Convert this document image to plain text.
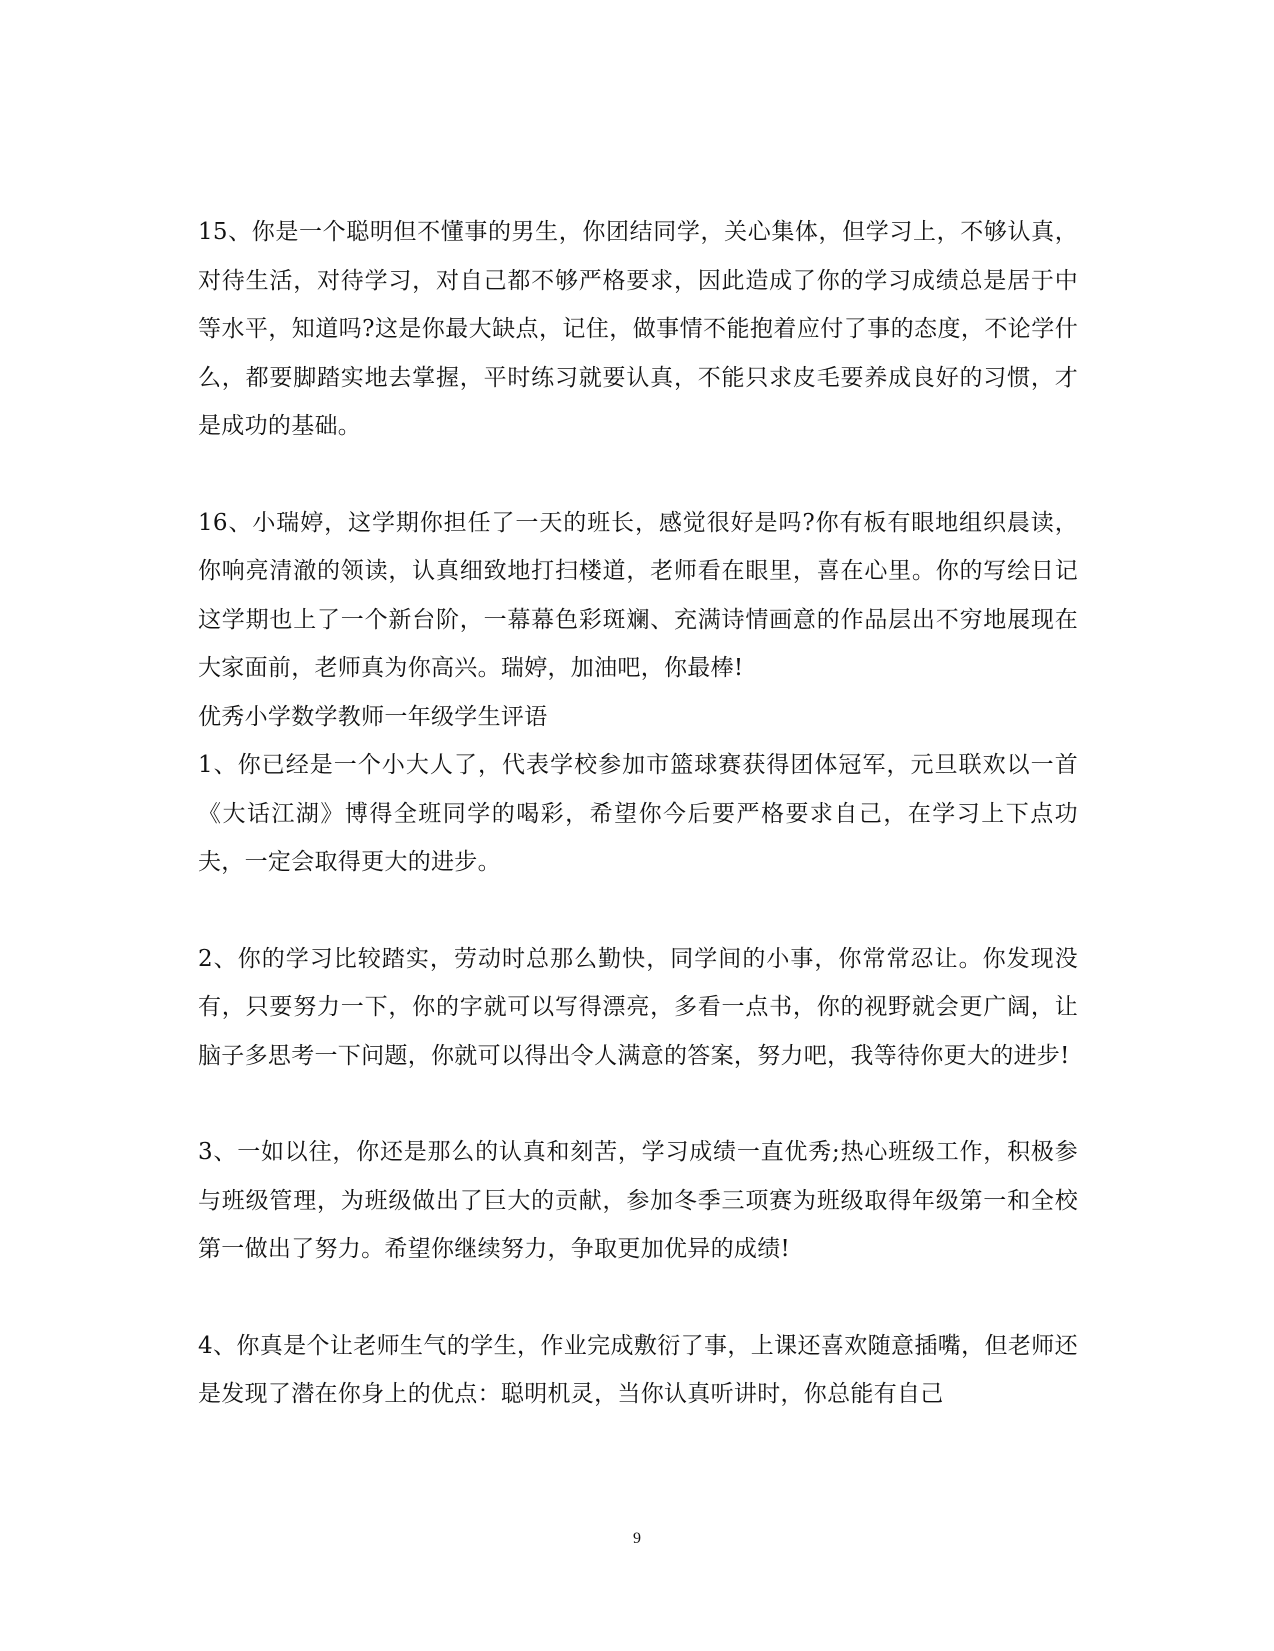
15、你是一个聪明但不懂事的男生，你团结同学，关心集体，但学习上，不够认真，对待生活，对待学习，对自己都不够严格要求，因此造成了你的学习成绩总是居于中等水平，知道吗?这是你最大缺点，记住，做事情不能抱着应付了事的态度，不论学什么，都要脚踏实地去掌握，平时练习就要认真，不能只求皮毛要养成良好的习惯，才是成功的基础。

16、小瑞婷，这学期你担任了一天的班长，感觉很好是吗?你有板有眼地组织晨读，你响亮清澈的领读，认真细致地打扫楼道，老师看在眼里，喜在心里。你的写绘日记这学期也上了一个新台阶，一幕幕色彩斑斓、充满诗情画意的作品层出不穷地展现在大家面前，老师真为你高兴。瑞婷，加油吧，你最棒!

优秀小学数学教师一年级学生评语

1、你已经是一个小大人了，代表学校参加市篮球赛获得团体冠军，元旦联欢以一首《大话江湖》博得全班同学的喝彩，希望你今后要严格要求自己，在学习上下点功夫，一定会取得更大的进步。

2、你的学习比较踏实，劳动时总那么勤快，同学间的小事，你常常忍让。你发现没有，只要努力一下，你的字就可以写得漂亮，多看一点书，你的视野就会更广阔，让脑子多思考一下问题，你就可以得出令人满意的答案，努力吧，我等待你更大的进步!

3、一如以往，你还是那么的认真和刻苦，学习成绩一直优秀;热心班级工作，积极参与班级管理，为班级做出了巨大的贡献，参加冬季三项赛为班级取得年级第一和全校第一做出了努力。希望你继续努力，争取更加优异的成绩!

4、你真是个让老师生气的学生，作业完成敷衍了事，上课还喜欢随意插嘴，但老师还是发现了潜在你身上的优点：聪明机灵，当你认真听讲时，你总能有自己

9
